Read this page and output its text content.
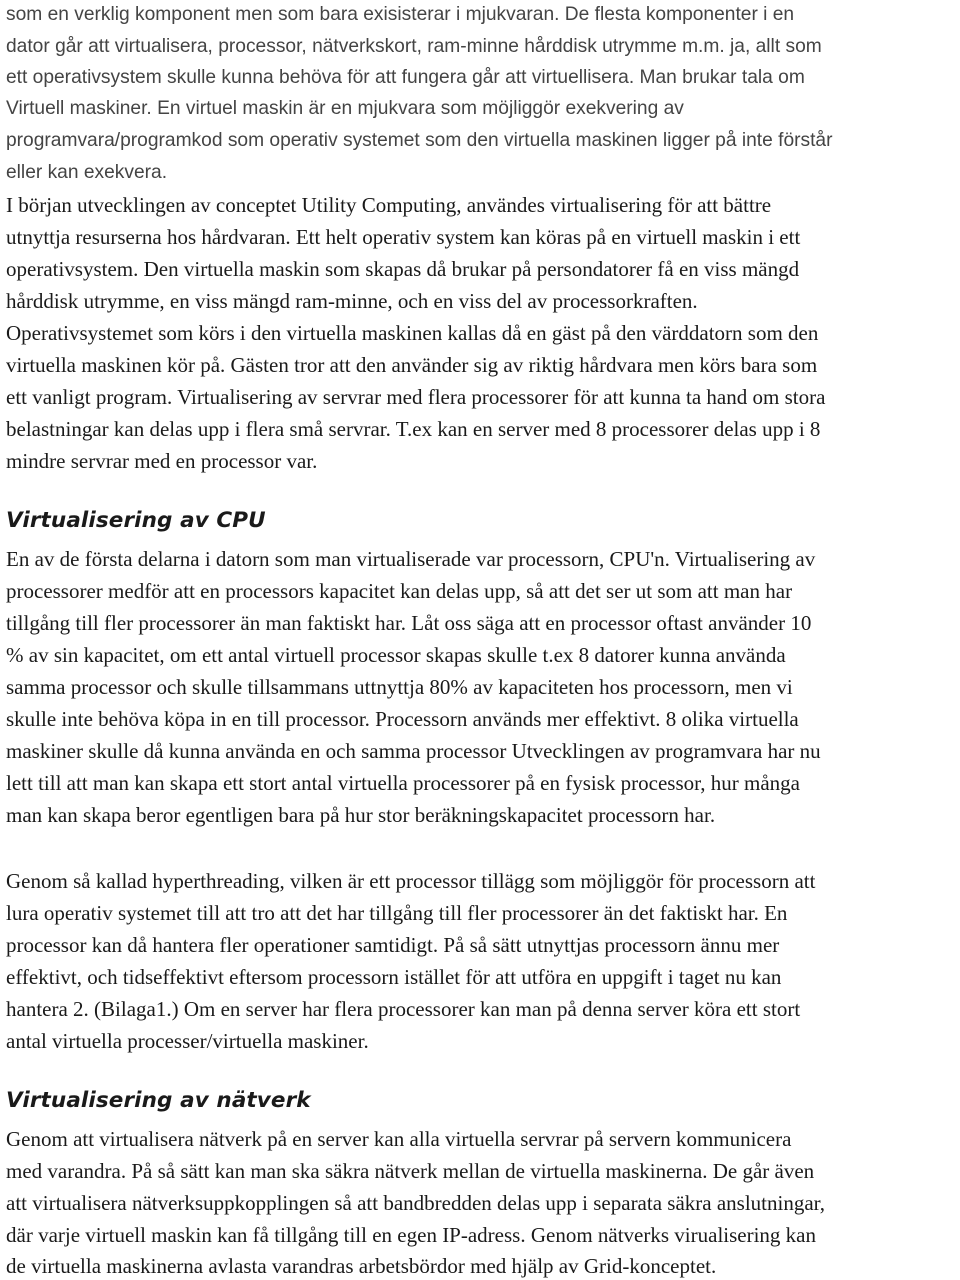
som en verklig komponent men som bara exisisterar i mjukvaran. De flesta komponenter i en
dator går att virtualisera, processor, nätverkskort, ram-minne hårddisk utrymme m.m. ja, allt som
ett operativsystem skulle kunna behöva för att fungera går att virtuellisera. Man brukar tala om
Virtuell maskiner. En virtuel maskin är en mjukvara som möjliggör exekvering av
programvara/programkod som operativ systemet som den virtuella maskinen ligger på inte förstår
eller kan exekvera.
I början utvecklingen av conceptet Utility Computing, användes virtualisering för att bättre
utnyttja resurserna hos hårdvaran. Ett helt operativ system kan köras på en virtuell maskin i ett
operativsystem. Den virtuella maskin som skapas då brukar på persondatorer få en viss mängd
hårddisk utrymme, en viss mängd ram-minne, och en viss del av processorkraften.
Operativsystemet som körs i den virtuella maskinen kallas då en gäst på den värddatorn som den
virtuella maskinen kör på. Gästen tror att den använder sig av riktig hårdvara men körs bara som
ett vanligt program. Virtualisering av servrar med flera processorer för att kunna ta hand om stora
belastningar kan delas upp i flera små servrar. T.ex kan en server med 8 processorer delas upp i 8
mindre servrar med en processor var.
Virtualisering av CPU
En av de första delarna i datorn som man virtualiserade var processorn, CPU'n. Virtualisering av
processorer medför att en processors kapacitet kan delas upp, så att det ser ut som att man har
tillgång till fler processorer än man faktiskt har. Låt oss säga att en processor oftast använder 10
% av sin kapacitet, om ett antal virtuell processor skapas skulle t.ex 8 datorer kunna använda
samma processor och skulle tillsammans uttnyttja 80% av kapaciteten hos processorn, men vi
skulle inte behöva köpa in en till processor. Processorn används mer effektivt. 8 olika virtuella
maskiner skulle då kunna använda en och samma processor Utvecklingen av programvara har nu
lett till att man kan skapa ett stort antal virtuella processorer på en fysisk processor, hur många
man kan skapa beror egentligen bara på hur stor beräkningskapacitet processorn har.
Genom så kallad hyperthreading, vilken är ett processor tillägg som möjliggör för processorn att
lura operativ systemet till att tro att det har tillgång till fler processorer än det faktiskt har. En
processor kan då hantera fler operationer samtidigt. På så sätt utnyttjas processorn ännu mer
effektivt, och tidseffektivt eftersom processorn istället för att utföra en uppgift i taget nu kan
hantera 2. (Bilaga1.) Om en server har flera processorer kan man på denna server köra ett stort
antal virtuella processer/virtuella maskiner.
Virtualisering av nätverk
Genom att virtualisera nätverk på en server kan alla virtuella servrar på servern kommunicera
med varandra. På så sätt kan man ska säkra nätverk mellan de virtuella maskinerna. De går även
att virtualisera nätverksuppkopplingen så att bandbredden delas upp i separata säkra anslutningar,
där varje virtuell maskin kan få tillgång till en egen IP-adress. Genom nätverks virualisering kan
de virtuella maskinerna avlasta varandras arbetsbördor med hjälp av Grid-konceptet.
